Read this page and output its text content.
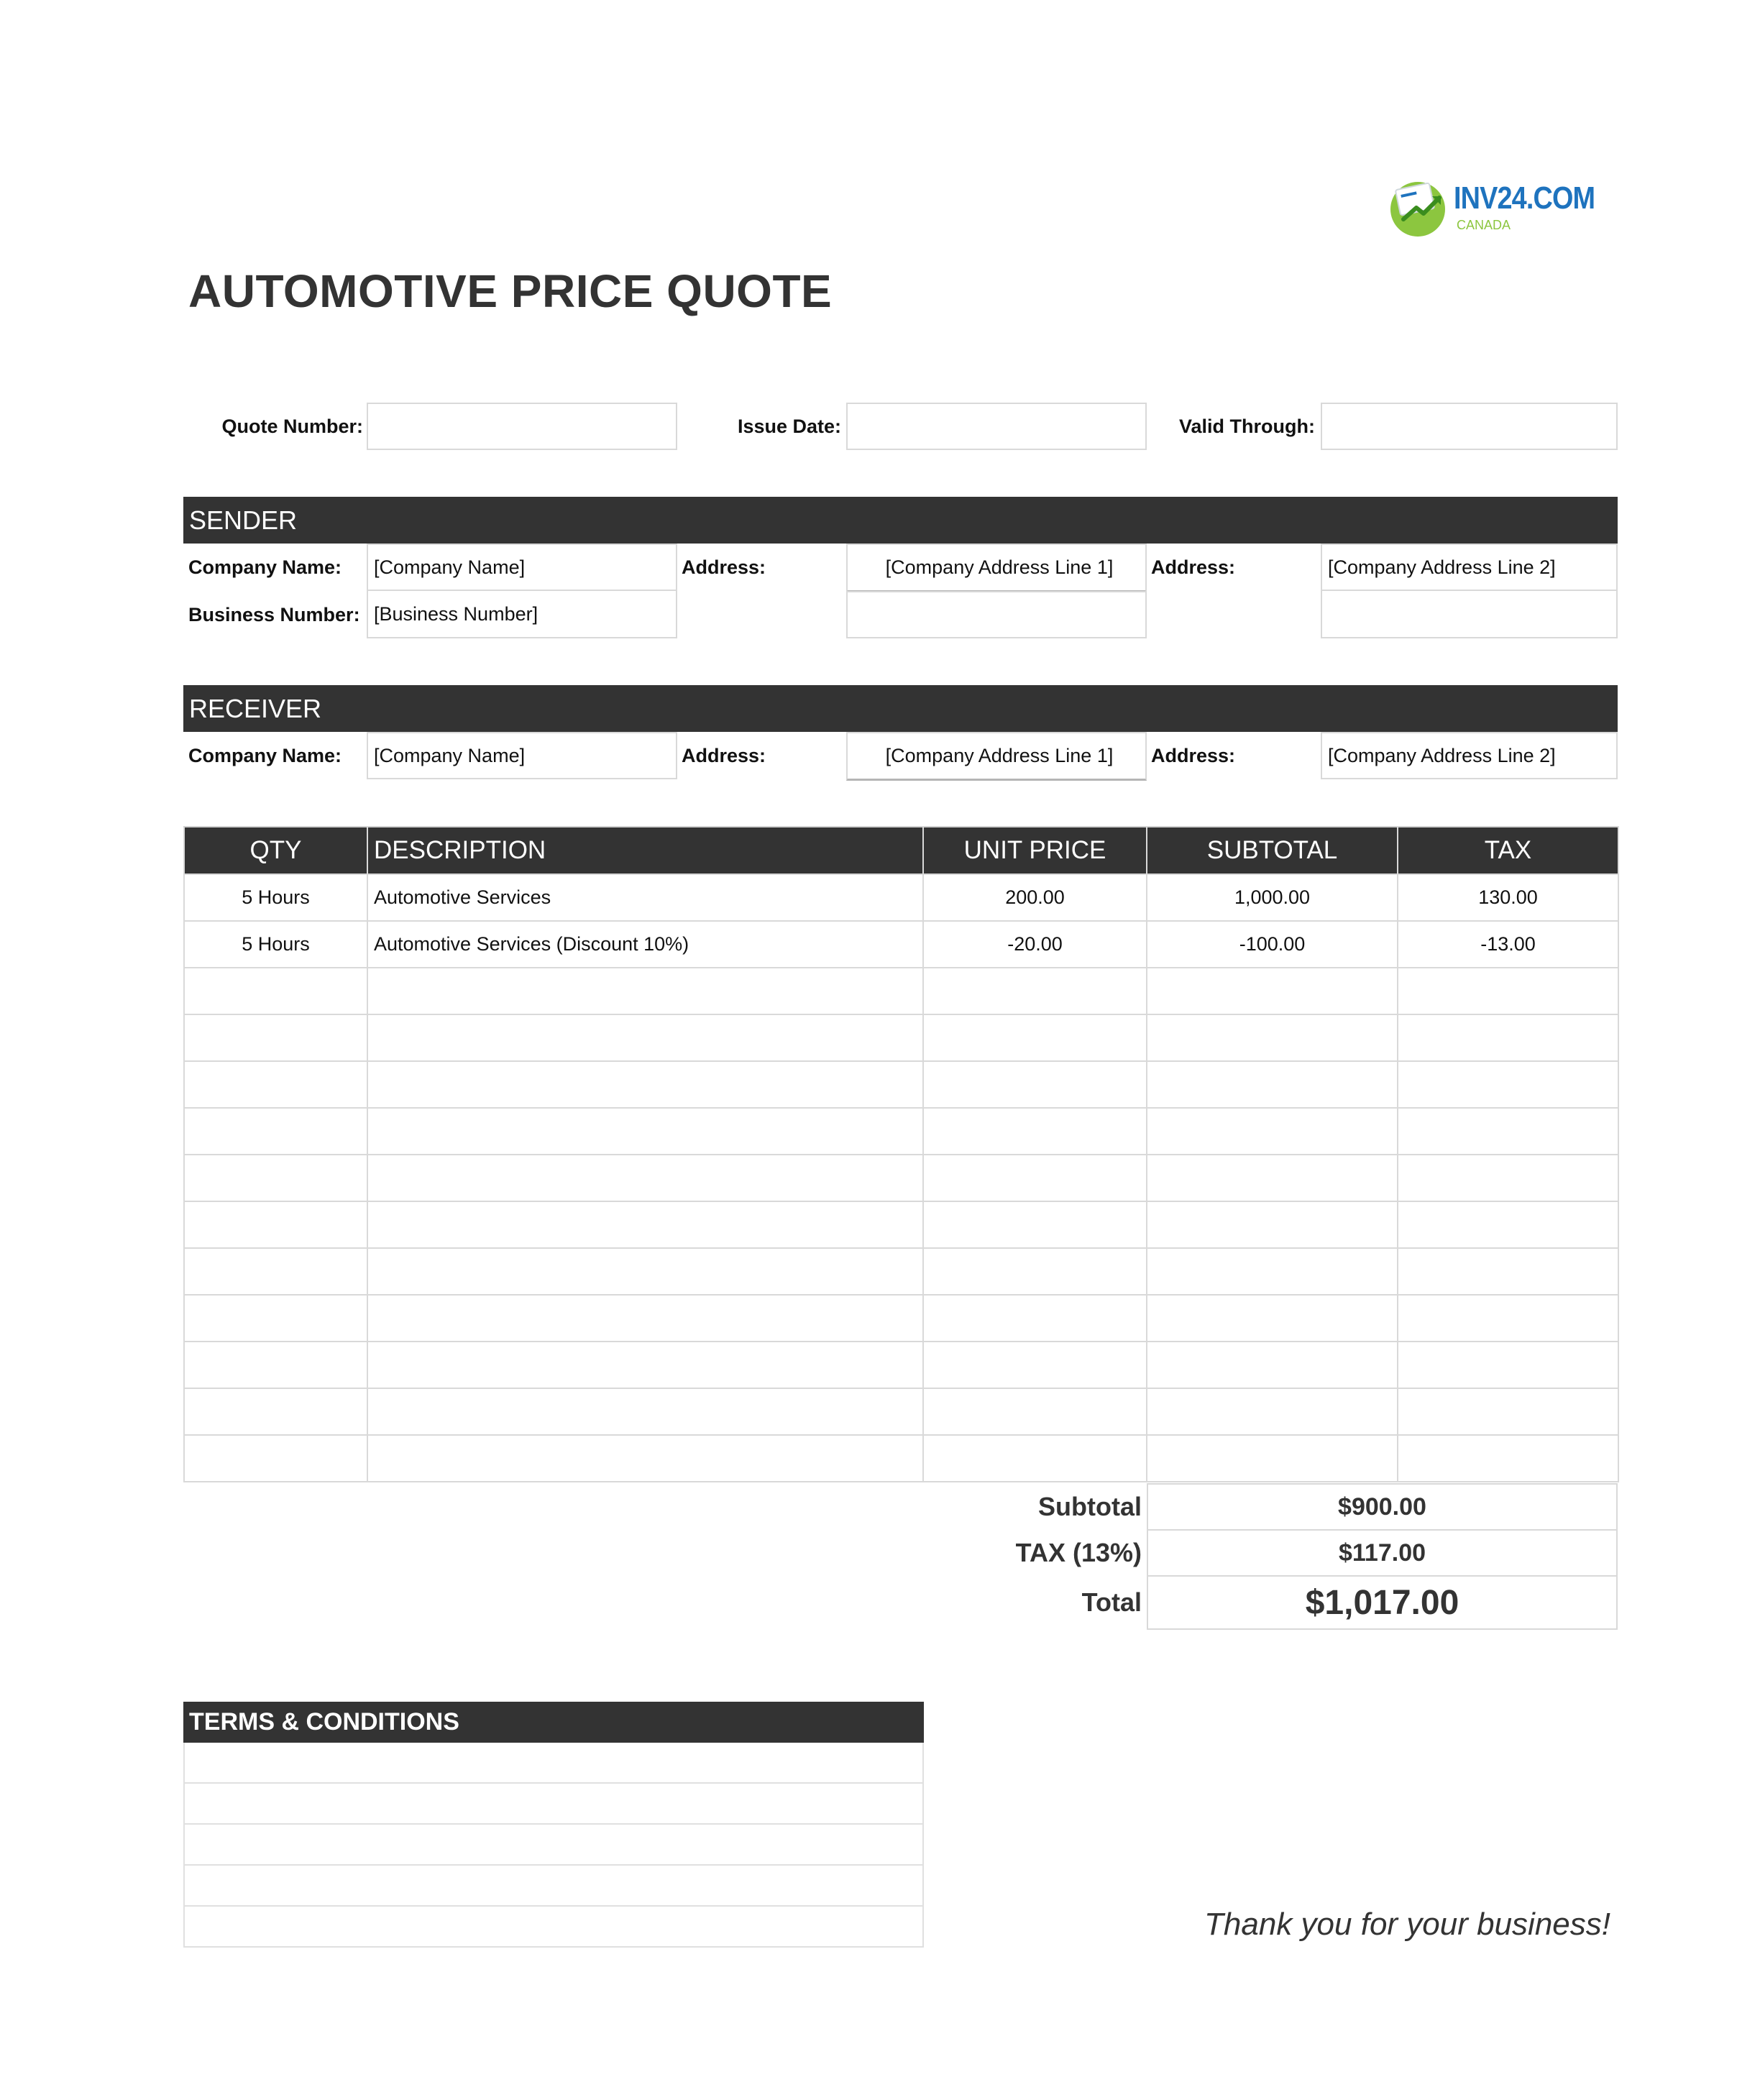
INV24.COM
CANADA
AUTOMOTIVE PRICE QUOTE
Quote Number:	Issue Date:	Valid Through:
SENDER
Company Name:	[Company Name]
Business Number: [Business Number]
Address:	[Company Address Line 1]	Address:	[Company Address Line 2]
RECEIVER
Company Name:	[Company Name]	Address:	[Company Address Line 1]	Address:	[Company Address Line 2]
QTY	DESCRIPTION	UNIT PRICE	SUBTOTAL	TAX
5 Hours	Automotive Services	200.00	1,000.00	130.00
5 Hours	Automotive Services (Discount 10%)	-20.00	-100.00	-13.00

Subtotal	$900.00
TAX (13%)	$117.00
Total	$1,017.00
TERMS & CONDITIONS
Thank you for your business!
